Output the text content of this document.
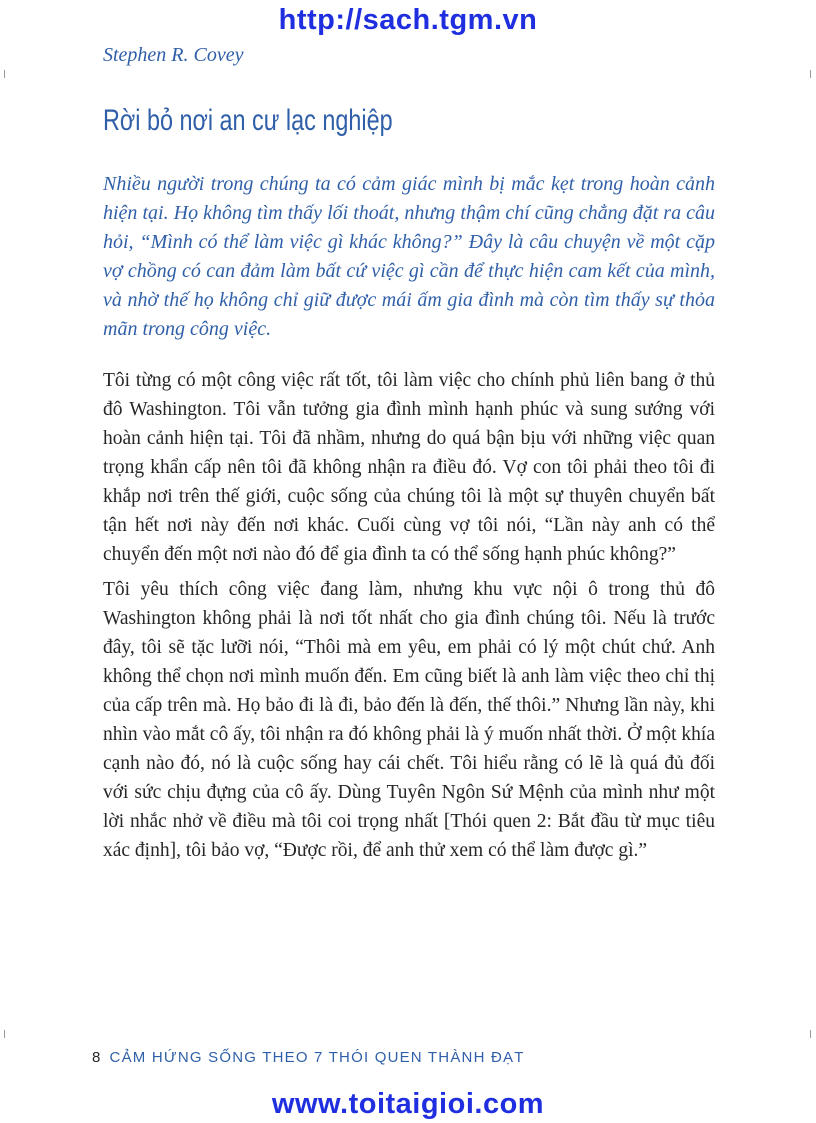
http://sach.tgm.vn
Stephen R. Covey
Rời bỏ nơi an cư lạc nghiệp
Nhiều người trong chúng ta có cảm giác mình bị mắc kẹt trong hoàn cảnh hiện tại. Họ không tìm thấy lối thoát, nhưng thậm chí cũng chẳng đặt ra câu hỏi, “Mình có thể làm việc gì khác không?” Đây là câu chuyện về một cặp vợ chồng có can đảm làm bất cứ việc gì cần để thực hiện cam kết của mình, và nhờ thế họ không chỉ giữ được mái ấm gia đình mà còn tìm thấy sự thỏa mãn trong công việc.

Tôi từng có một công việc rất tốt, tôi làm việc cho chính phủ liên bang ở thủ đô Washington. Tôi vẫn tưởng gia đình mình hạnh phúc và sung sướng với hoàn cảnh hiện tại. Tôi đã nhầm, nhưng do quá bận bịu với những việc quan trọng khẩn cấp nên tôi đã không nhận ra điều đó. Vợ con tôi phải theo tôi đi khắp nơi trên thế giới, cuộc sống của chúng tôi là một sự thuyên chuyển bất tận hết nơi này đến nơi khác. Cuối cùng vợ tôi nói, “Lần này anh có thể chuyển đến một nơi nào đó để gia đình ta có thể sống hạnh phúc không?”

Tôi yêu thích công việc đang làm, nhưng khu vực nội ô trong thủ đô Washington không phải là nơi tốt nhất cho gia đình chúng tôi. Nếu là trước đây, tôi sẽ tặc lưỡi nói, “Thôi mà em yêu, em phải có lý một chút chứ. Anh không thể chọn nơi mình muốn đến. Em cũng biết là anh làm việc theo chỉ thị của cấp trên mà. Họ bảo đi là đi, bảo đến là đến, thế thôi.” Nhưng lần này, khi nhìn vào mắt cô ấy, tôi nhận ra đó không phải là ý muốn nhất thời. Ở một khía cạnh nào đó, nó là cuộc sống hay cái chết. Tôi hiểu rằng có lẽ là quá đủ đối với sức chịu đựng của cô ấy. Dùng Tuyên Ngôn Sứ Mệnh của mình như một lời nhắc nhở về điều mà tôi coi trọng nhất [Thói quen 2: Bắt đầu từ mục tiêu xác định], tôi bảo vợ, “Được rồi, để anh thử xem có thể làm được gì.”

8 CẢM HỨNG SỐNG THEO 7 THÓI QUEN THÀNH ĐẠT
www.toitaigioi.com
